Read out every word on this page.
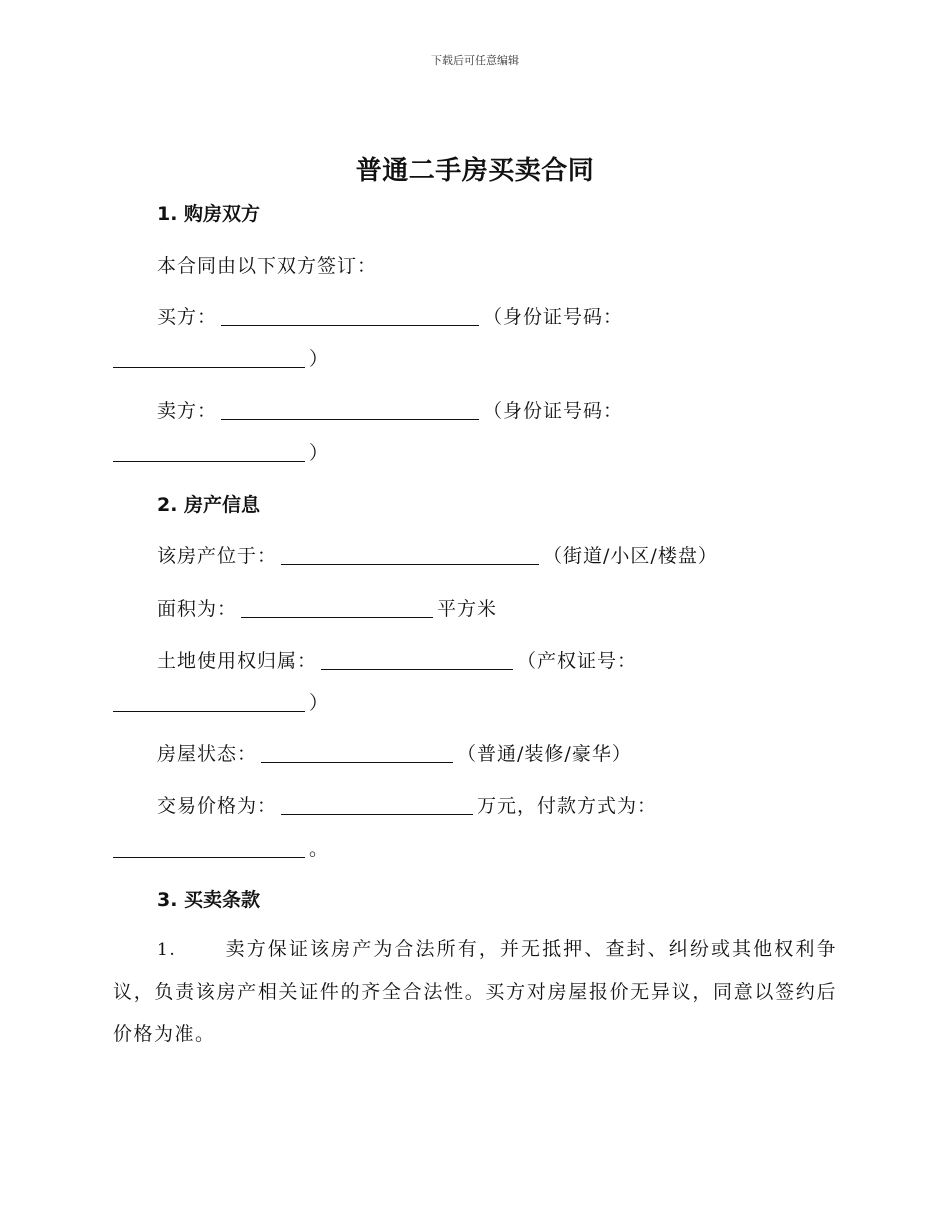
下载后可任意编辑
普通二手房买卖合同
1. 购房双方
本合同由以下双方签订：
买方：	（身份证号码：
）
卖方：	（身份证号码：
）
2. 房产信息
该房产位于：	（街道/小区/楼盘）
面积为：	平方米
土地使用权归属：	（产权证号：
）
房屋状态：	（普通/装修/豪华）
交易价格为：	万元，付款方式为：
。
3. 买卖条款
1.	卖方保证该房产为合法所有，并无抵押、查封、纠纷或其他权利争议，负责该房产相关证件的齐全合法性。买方对房屋报价无异议，同意以签约后价格为准。
